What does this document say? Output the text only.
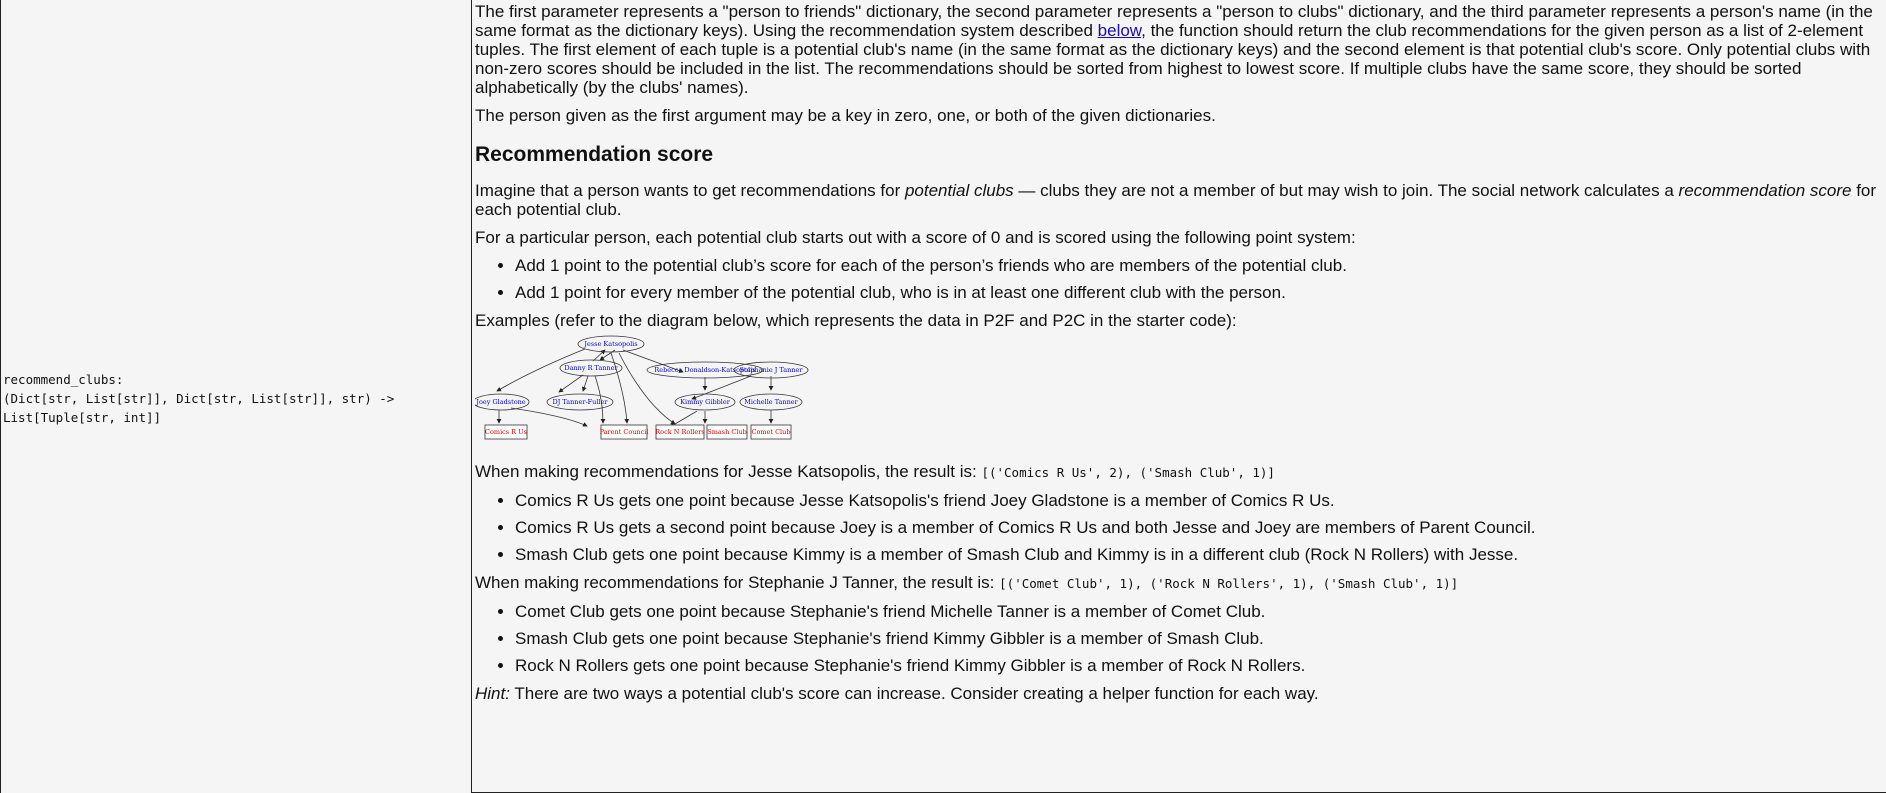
recommend_clubs:
(Dict[str, List[str]], Dict[str, List[str]], str) ->
List[Tuple[str, int]]

The first parameter represents a "person to friends" dictionary, the second parameter represents a "person to clubs" dictionary, and the third parameter represents a person's name (in the same format as the dictionary keys). Using the recommendation system described below, the function should return the club recommendations for the given person as a list of 2-element tuples. The first element of each tuple is a potential club's name (in the same format as the dictionary keys) and the second element is that potential club's score. Only potential clubs with non-zero scores should be included in the list. The recommendations should be sorted from highest to lowest score. If multiple clubs have the same score, they should be sorted alphabetically (by the clubs' names).

The person given as the first argument may be a key in zero, one, or both of the given dictionaries.

Recommendation score

Imagine that a person wants to get recommendations for potential clubs — clubs they are not a member of but may wish to join. The social network calculates a recommendation score for each potential club.

For a particular person, each potential club starts out with a score of 0 and is scored using the following point system:

• Add 1 point to the potential club’s score for each of the person’s friends who are members of the potential club.
• Add 1 point for every member of the potential club, who is in at least one different club with the person.

Examples (refer to the diagram below, which represents the data in P2F and P2C in the starter code):

Jesse Katsopolis
Danny R Tanner	Rebecca Donaldson-Katsopolis
Stephanie J Tanner
Joey Gladstone	DJ Tanner-Fuller	Kimmy Gibbler Michelle Tanner
Comics R Us	Parent Council Rock N Rollers Smash Club Comet Club

When making recommendations for Jesse Katsopolis, the result is: [('Comics R Us', 2), ('Smash Club', 1)]

• Comics R Us gets one point because Jesse Katsopolis's friend Joey Gladstone is a member of Comics R Us.
• Comics R Us gets a second point because Joey is a member of Comics R Us and both Jesse and Joey are members of Parent Council.
• Smash Club gets one point because Kimmy is a member of Smash Club and Kimmy is in a different club (Rock N Rollers) with Jesse.

When making recommendations for Stephanie J Tanner, the result is: [('Comet Club', 1), ('Rock N Rollers', 1), ('Smash Club', 1)]

• Comet Club gets one point because Stephanie's friend Michelle Tanner is a member of Comet Club.
• Smash Club gets one point because Stephanie's friend Kimmy Gibbler is a member of Smash Club.
• Rock N Rollers gets one point because Stephanie's friend Kimmy Gibbler is a member of Rock N Rollers.

Hint: There are two ways a potential club's score can increase. Consider creating a helper function for each way.
